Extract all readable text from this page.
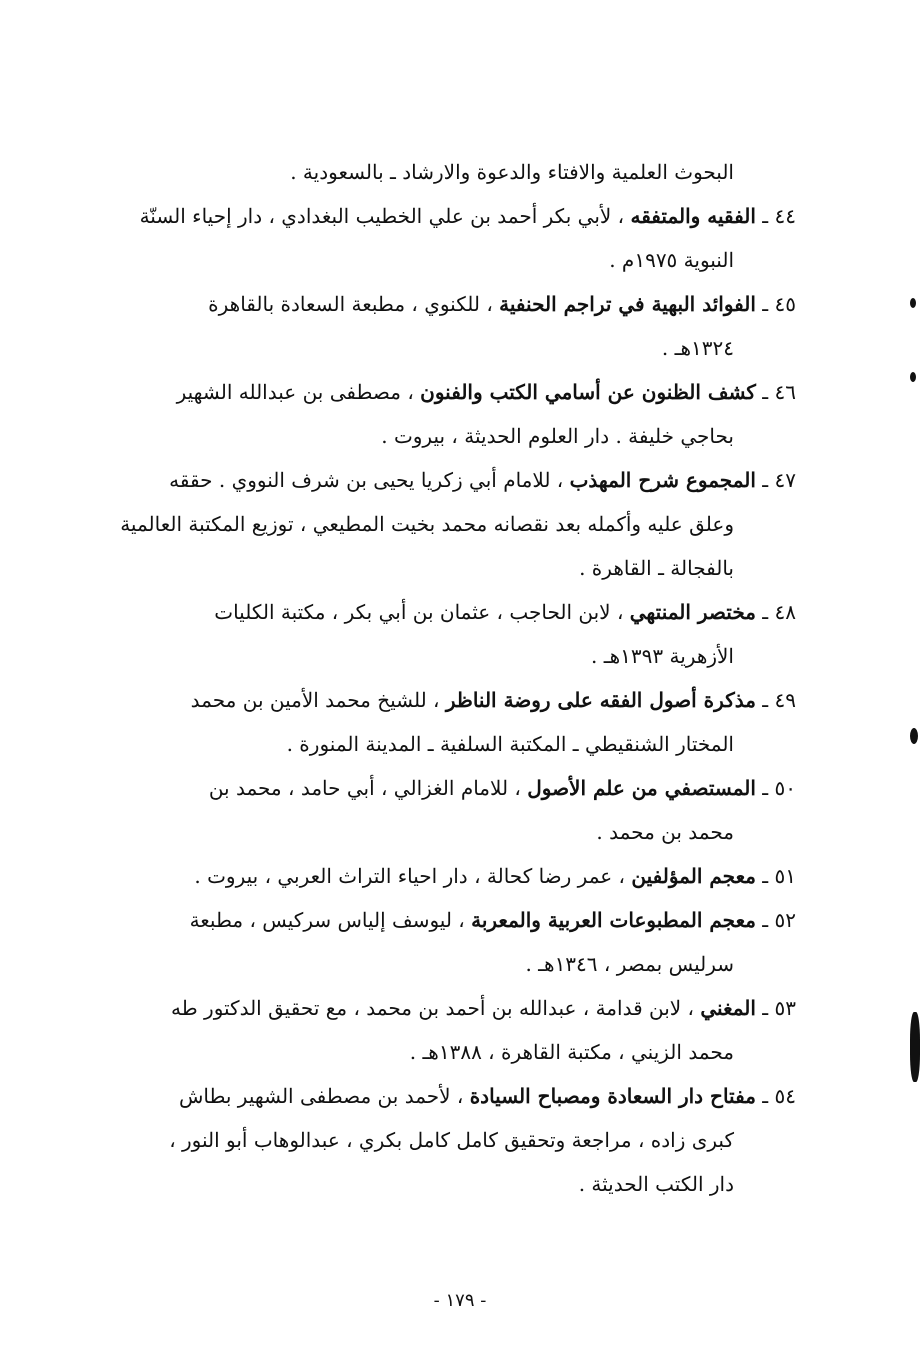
البحوث العلمية والافتاء والدعوة والارشاد ـ بالسعودية .
٤٤ ـ الفقيه والمتفقه ، لأبي بكر أحمد بن علي الخطيب البغدادي ، دار إحياء السنّة
النبوية ١٩٧٥م .
٤٥ ـ الفوائد البهية في تراجم الحنفية ، للكنوي ، مطبعة السعادة بالقاهرة
١٣٢٤هـ .
٤٦ ـ كشف الظنون عن أسامي الكتب والفنون ، مصطفى بن عبدالله الشهير
بحاجي خليفة . دار العلوم الحديثة ، بيروت .
٤٧ ـ المجموع شرح المهذب ، للامام أبي زكريا يحيى بن شرف النووي . حققه
وعلق عليه وأكمله بعد نقصانه محمد بخيت المطيعي ، توزيع المكتبة العالمية
بالفجالة ـ القاهرة .
٤٨ ـ مختصر المنتهي ، لابن الحاجب ، عثمان بن أبي بكر ، مكتبة الكليات
الأزهرية ١٣٩٣هـ .
٤٩ ـ مذكرة أصول الفقه على روضة الناظر ، للشيخ محمد الأمين بن محمد
المختار الشنقيطي ـ المكتبة السلفية ـ المدينة المنورة .
٥٠ ـ المستصفي من علم الأصول ، للامام الغزالي ، أبي حامد ، محمد بن
محمد بن محمد .
٥١ ـ معجم المؤلفين ، عمر رضا كحالة ، دار احياء التراث العربي ، بيروت .
٥٢ ـ معجم المطبوعات العربية والمعربة ، ليوسف إلياس سركيس ، مطبعة
سرليس بمصر ، ١٣٤٦هـ .
٥٣ ـ المغني ، لابن قدامة ، عبدالله بن أحمد بن محمد ، مع تحقيق الدكتور طه
محمد الزيني ، مكتبة القاهرة ، ١٣٨٨هـ .
٥٤ ـ مفتاح دار السعادة ومصباح السيادة ، لأحمد بن مصطفى الشهير بطاش
كبرى زاده ، مراجعة وتحقيق كامل كامل بكري ، عبدالوهاب أبو النور ،
دار الكتب الحديثة .
- ١٧٩ -
